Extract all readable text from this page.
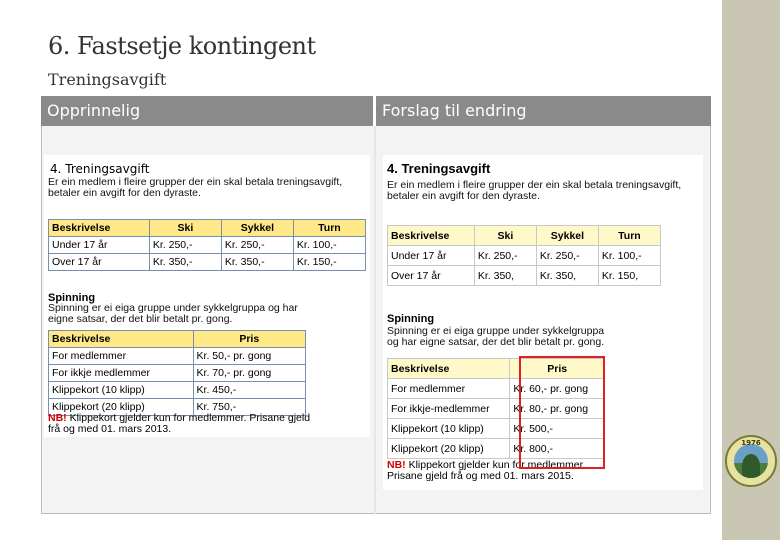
1976
6. Fastsetje kontingent
Treningsavgift
Opprinnelig	Forslag til endring
4. Treningsavgift
Er ein medlem i fleire grupper der ein skal betala treningsavgift, betaler ein avgift for den dyraste.
Beskrivelse	Ski	Sykkel	Turn
Under 17 år	Kr. 250,-	Kr. 250,-	Kr. 100,-
Over 17 år	Kr. 350,-	Kr. 350,-	Kr. 150,-
Spinning
Spinning er ei eiga gruppe under sykkelgruppa og har eigne satsar, der det blir betalt pr. gong.
Beskrivelse	Pris
For medlemmer	Kr. 50,- pr. gong
For ikkje medlemmer	Kr. 70,- pr. gong
Klippekort (10 klipp)	Kr. 450,-
Klippekort (20 klipp)	Kr. 750,-
NB! Klippekort gjelder kun for medlemmer. Prisane gjeld frå og med 01. mars 2013.
4. Treningsavgift
Er ein medlem i fleire grupper der ein skal betala treningsavgift, betaler ein avgift for den dyraste.
Beskrivelse	Ski	Sykkel	Turn
Under 17 år	Kr. 250,-	Kr. 250,-	Kr. 100,-
Over 17 år	Kr. 350,	Kr. 350,	Kr. 150,
Spinning
Spinning er ei eiga gruppe under sykkelgruppa og har eigne satsar, der det blir betalt pr. gong.
Beskrivelse	Pris
For medlemmer	Kr. 60,- pr. gong
For ikkje-medlemmer	Kr. 80,- pr. gong
Klippekort (10 klipp)	Kr. 500,-
Klippekort (20 klipp)	Kr. 800,-
NB! Klippekort gjelder kun for medlemmer. Prisane gjeld frå og med 01. mars 2015.
